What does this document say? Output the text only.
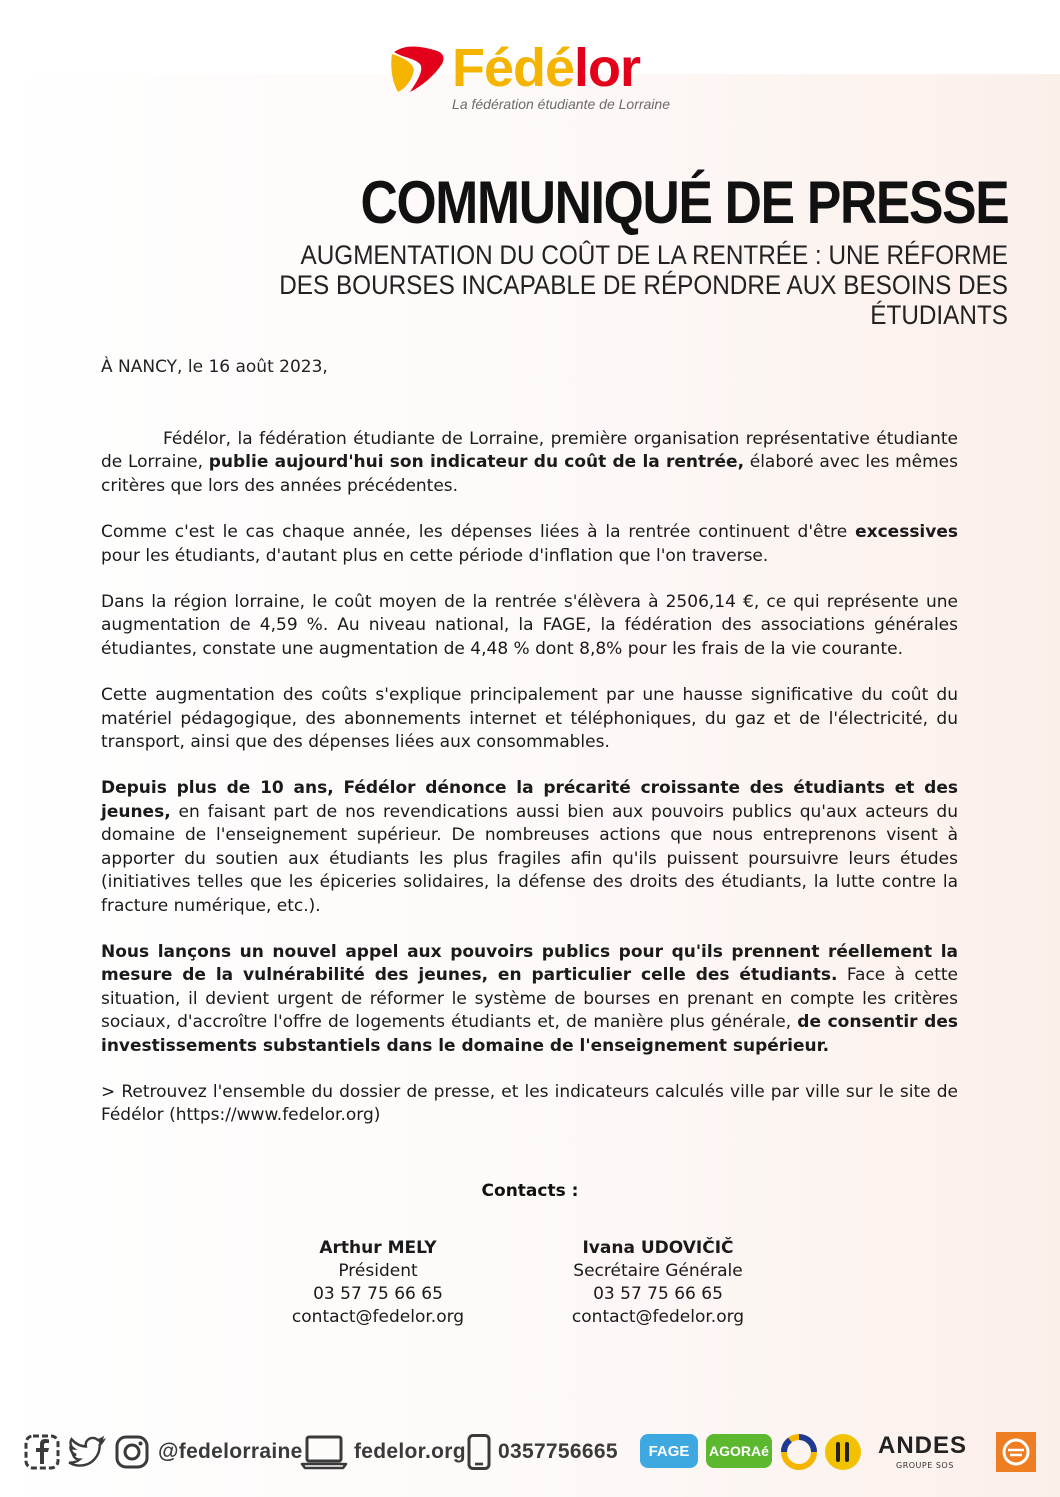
Fédélor
La fédération étudiante de Lorraine
COMMUNIQUÉ DE PRESSE
AUGMENTATION DU COÛT DE LA RENTRÉE : UNE RÉFORME
DES BOURSES INCAPABLE DE RÉPONDRE AUX BESOINS DES
ÉTUDIANTS
À NANCY, le 16 août 2023,

Fédélor, la fédération étudiante de Lorraine, première organisation représentative étudiante de Lorraine, publie aujourd'hui son indicateur du coût de la rentrée, élaboré avec les mêmes critères que lors des années précédentes.

Comme c'est le cas chaque année, les dépenses liées à la rentrée continuent d'être excessives pour les étudiants, d'autant plus en cette période d'inflation que l'on traverse.

Dans la région lorraine, le coût moyen de la rentrée s'élèvera à 2506,14 €, ce qui représente une augmentation de 4,59 %. Au niveau national, la FAGE, la fédération des associations générales étudiantes, constate une augmentation de 4,48 % dont 8,8% pour les frais de la vie courante.

Cette augmentation des coûts s'explique principalement par une hausse significative du coût du matériel pédagogique, des abonnements internet et téléphoniques, du gaz et de l'électricité, du transport, ainsi que des dépenses liées aux consommables.

Depuis plus de 10 ans, Fédélor dénonce la précarité croissante des étudiants et des jeunes, en faisant part de nos revendications aussi bien aux pouvoirs publics qu'aux acteurs du domaine de l'enseignement supérieur. De nombreuses actions que nous entreprenons visent à apporter du soutien aux étudiants les plus fragiles afin qu'ils puissent poursuivre leurs études (initiatives telles que les épiceries solidaires, la défense des droits des étudiants, la lutte contre la fracture numérique, etc.).

Nous lançons un nouvel appel aux pouvoirs publics pour qu'ils prennent réellement la mesure de la vulnérabilité des jeunes, en particulier celle des étudiants. Face à cette situation, il devient urgent de réformer le système de bourses en prenant en compte les critères sociaux, d'accroître l'offre de logements étudiants et, de manière plus générale, de consentir des investissements substantiels dans le domaine de l'enseignement supérieur.

> Retrouvez l'ensemble du dossier de presse, et les indicateurs calculés ville par ville sur le site de Fédélor (https://www.fedelor.org)

Contacts :
Arthur MELY
Président
03 57 75 66 65
contact@fedelor.org
Ivana UDOVIČIČ
Secrétaire Générale
03 57 75 66 65
contact@fedelor.org
@fedelorraine fedelor.org 0357756665 FAGE AGORAé	ANDES
GROUPE SOS
